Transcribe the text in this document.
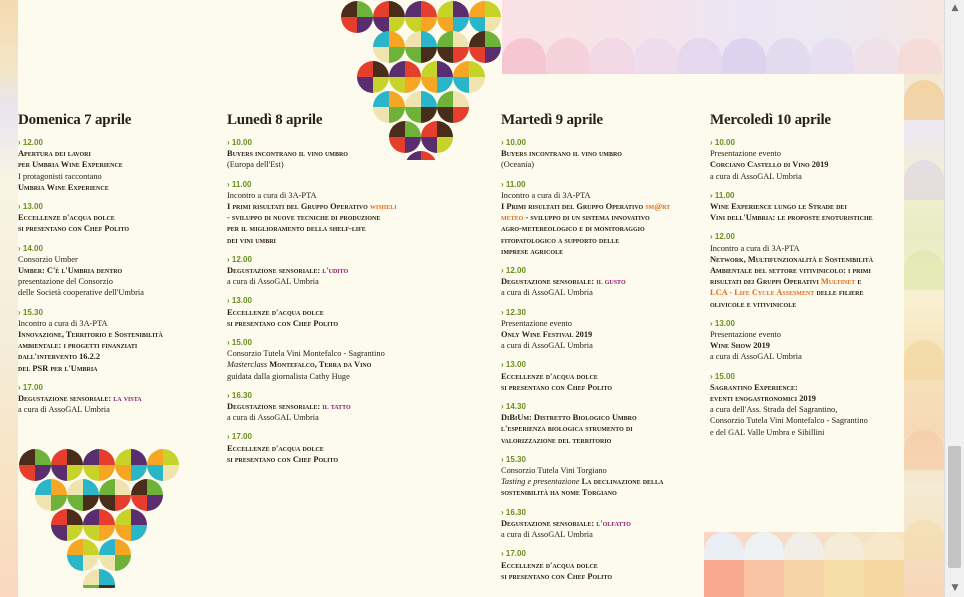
Domenica 7 aprile
› 12.00
Apertura dei lavori
per Umbria Wine Experience
I protagonisti raccontano
Umbria Wine Experience
› 13.00
Eccellenze d'acqua dolce
si presentano con Chef Polito
› 14.00
Consorzio Umber
Umber: C'è l'Umbria dentro
presentazione del Consorzio
delle Società cooperative dell'Umbria
› 15.30
Incontro a cura di 3A-PTA
Innovazione, Territorio e Sostenibilità
ambientale: i progetti finanziati
dall'intervento 16.2.2
del PSR per l'Umbria
› 17.00
Degustazione sensoriale: la vista
a cura di AssoGAL Umbria
Lunedì 8 aprile
› 10.00
Buyers incontrano il vino umbro
(Europa dell'Est)
› 11.00
Incontro a cura di 3A-PTA
I primi risultati del Gruppo Operativo wisheli
- sviluppo di nuove tecniche di produzione
per il miglioramento della shelf-life
dei vini umbri
› 12.00
Degustazione sensoriale: l'udito
a cura di AssoGAL Umbria
› 13.00
Eccellenze d'acqua dolce
si presentano con Chef Polito
› 15.00
Consorzio Tutela Vini Montefalco - Sagrantino
Masterclass Montefalco, Terra da Vino
guidata dalla giornalista Cathy Huge
› 16.30
Degustazione sensoriale: il tatto
a cura di AssoGAL Umbria
› 17.00
Eccellenze d'acqua dolce
si presentano con Chef Polito
Martedì 9 aprile
› 10.00
Buyers incontrano il vino umbro
(Oceania)
› 11.00
Incontro a cura di 3A-PTA
I Primi risultati del Gruppo Operativo sm@rt
meteo - sviluppo di un sistema innovativo
agro-metereologico e di monitoraggio
fitopatologico a supporto delle
imprese agricole
› 12.00
Degustazione sensoriale: il gusto
a cura di AssoGAL Umbria
› 12.30
Presentazione evento
Only Wine Festival 2019
a cura di AssoGAL Umbria
› 13.00
Eccellenze d'acqua dolce
si presentano con Chef Polito
› 14.30
DiBiUm: Distretto Biologico Umbro
l'esperienza biologica strumento di
valorizzazione del territorio
› 15.30
Consorzio Tutela Vini Torgiano
Tasting e presentazione La declinazione della
sostenibilità ha nome Torgiano
› 16.30
Degustazione sensoriale: l'olfatto
a cura di AssoGAL Umbria
› 17.00
Eccellenze d'acqua dolce
si presentano con Chef Polito
Mercoledì 10 aprile
› 10.00
Presentazione evento
Corciano Castello di Vino 2019
a cura di AssoGAL Umbria
› 11.00
Wine Experience lungo le Strade dei
Vini dell'Umbria: le proposte enoturistiche
› 12.00
Incontro a cura di 3A-PTA
Network, Multifunzionalità e Sostenibilità
Ambientale del settore vitivinicolo: i primi
risultati dei Gruppi Operativi Multinet e
LCA - Life Cycle Assesment delle filiere
olivicole e vitivinicole
› 13.00
Presentazione evento
Wine Show 2019
a cura di AssoGAL Umbria
› 15.00
Sagrantino Experience:
eventi enogastronomici 2019
a cura dell'Ass. Strada del Sagrantino,
Consorzio Tutela Vini Montefalco - Sagrantino
e del GAL Valle Umbra e Sibillini
▲
▼
